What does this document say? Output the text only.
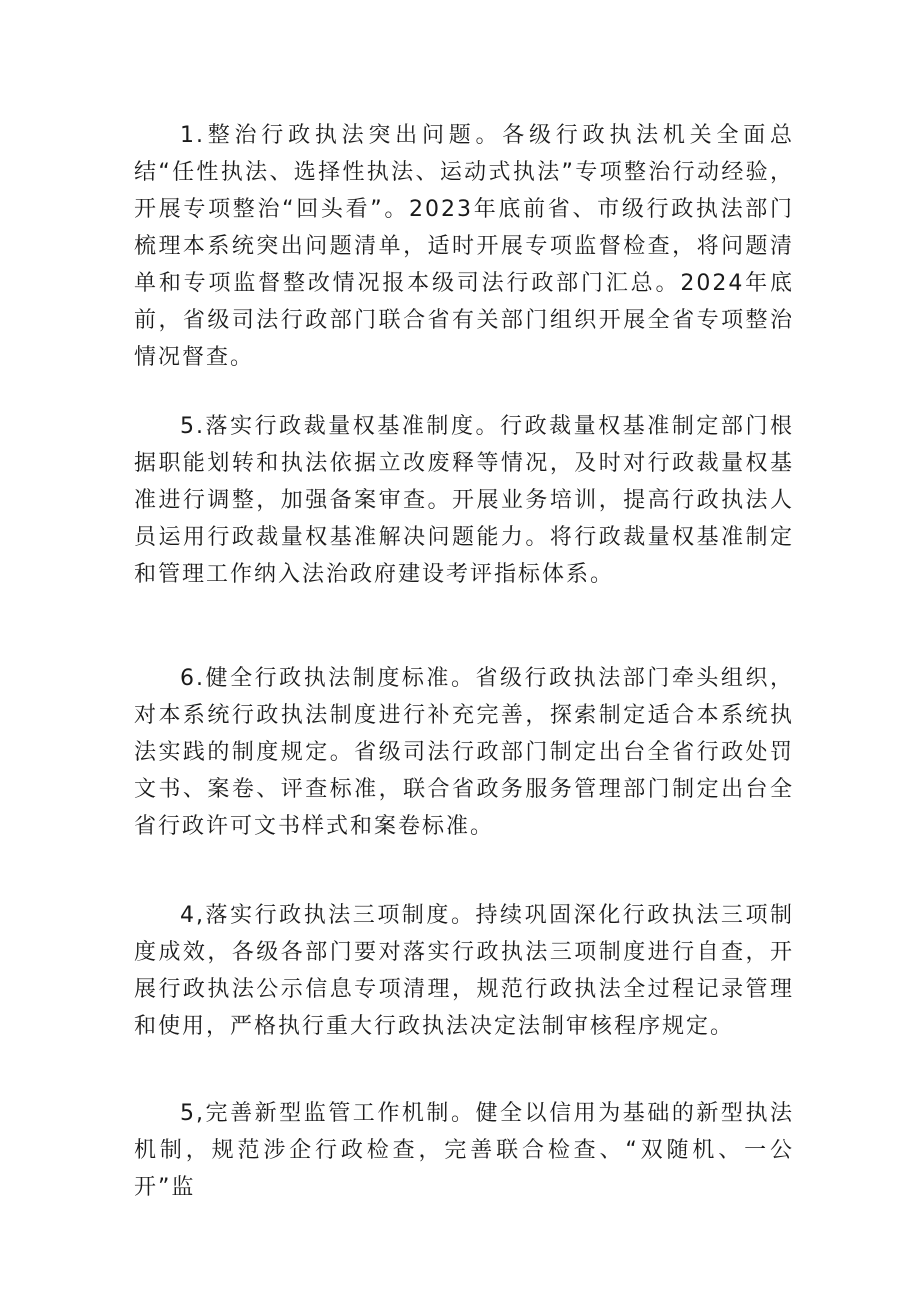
1.整治行政执法突出问题。各级行政执法机关全面总结“任性执法、选择性执法、运动式执法”专项整治行动经验，开展专项整治“回头看”。2023年底前省、市级行政执法部门梳理本系统突出问题清单，适时开展专项监督检查，将问题清单和专项监督整改情况报本级司法行政部门汇总。2024年底前，省级司法行政部门联合省有关部门组织开展全省专项整治情况督查。

5.落实行政裁量权基准制度。行政裁量权基准制定部门根据职能划转和执法依据立改废释等情况，及时对行政裁量权基准进行调整，加强备案审查。开展业务培训，提高行政执法人员运用行政裁量权基准解决问题能力。将行政裁量权基准制定和管理工作纳入法治政府建设考评指标体系。

6.健全行政执法制度标准。省级行政执法部门牵头组织，对本系统行政执法制度进行补充完善，探索制定适合本系统执法实践的制度规定。省级司法行政部门制定出台全省行政处罚文书、案卷、评查标准，联合省政务服务管理部门制定出台全省行政许可文书样式和案卷标准。

4,落实行政执法三项制度。持续巩固深化行政执法三项制度成效，各级各部门要对落实行政执法三项制度进行自查，开展行政执法公示信息专项清理，规范行政执法全过程记录管理和使用，严格执行重大行政执法决定法制审核程序规定。

5,完善新型监管工作机制。健全以信用为基础的新型执法机制，规范涉企行政检查，完善联合检查、“双随机、一公开”监
